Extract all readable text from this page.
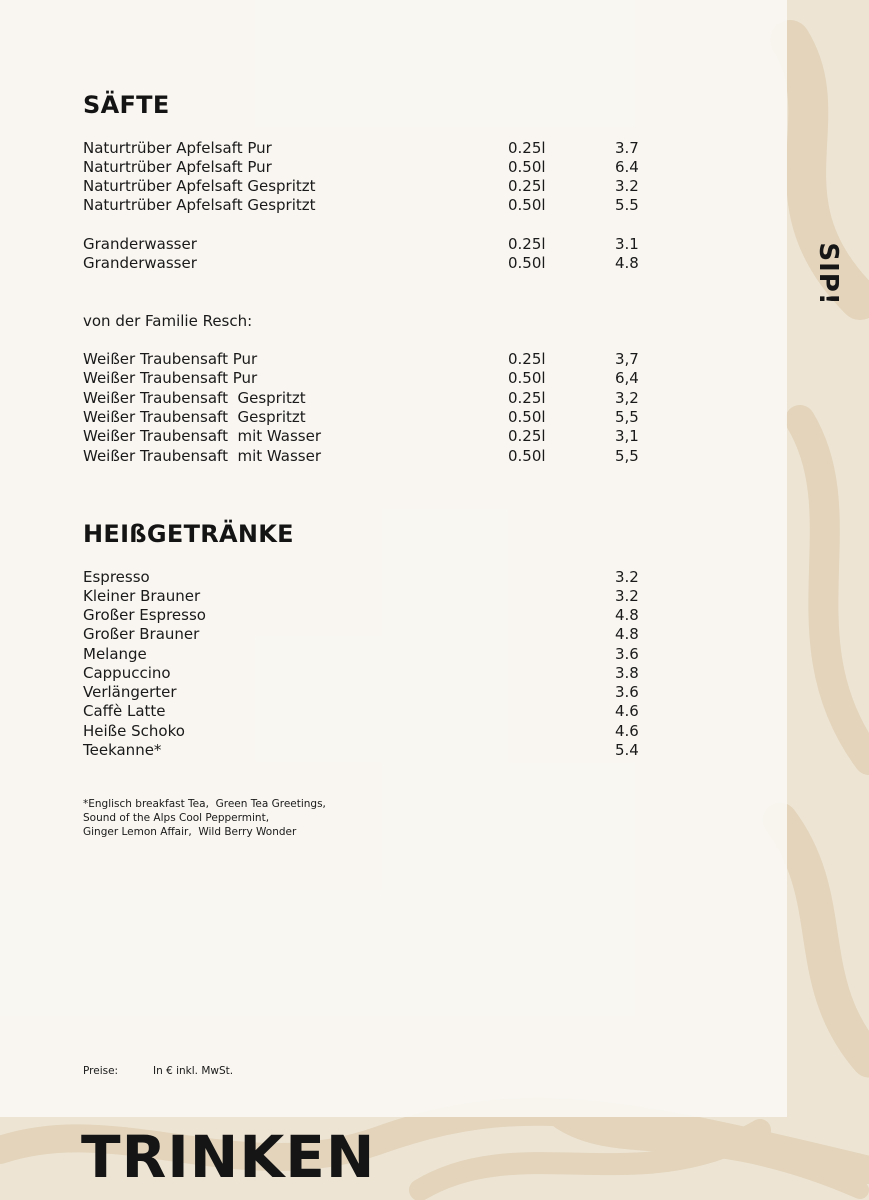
SÄFTE
Naturtrüber Apfelsaft Pur	0.25l	3.7
Naturtrüber Apfelsaft Pur	0.50l	6.4
Naturtrüber Apfelsaft Gespritzt	0.25l	3.2
Naturtrüber Apfelsaft Gespritzt	0.50l	5.5
Granderwasser	0.25l	3.1
Granderwasser	0.50l	4.8
von der Familie Resch:
Weißer Traubensaft Pur	0.25l	3,7
Weißer Traubensaft Pur	0.50l	6,4
Weißer Traubensaft  Gespritzt	0.25l	3,2
Weißer Traubensaft  Gespritzt	0.50l	5,5
Weißer Traubensaft  mit Wasser	0.25l	3,1
Weißer Traubensaft  mit Wasser	0.50l	5,5
HEIßGETRÄNKE
Espresso	3.2
Kleiner Brauner	3.2
Großer Espresso	4.8
Großer Brauner	4.8
Melange	3.6
Cappuccino	3.8
Verlängerter	3.6
Caffè Latte	4.6
Heiße Schoko	4.6
Teekanne*	5.4
*Englisch breakfast Tea,  Green Tea Greetings,
Sound of the Alps Cool Peppermint,
Ginger Lemon Affair,  Wild Berry Wonder
Preise:	In € inkl. MwSt.
SIP!
TRINKEN
